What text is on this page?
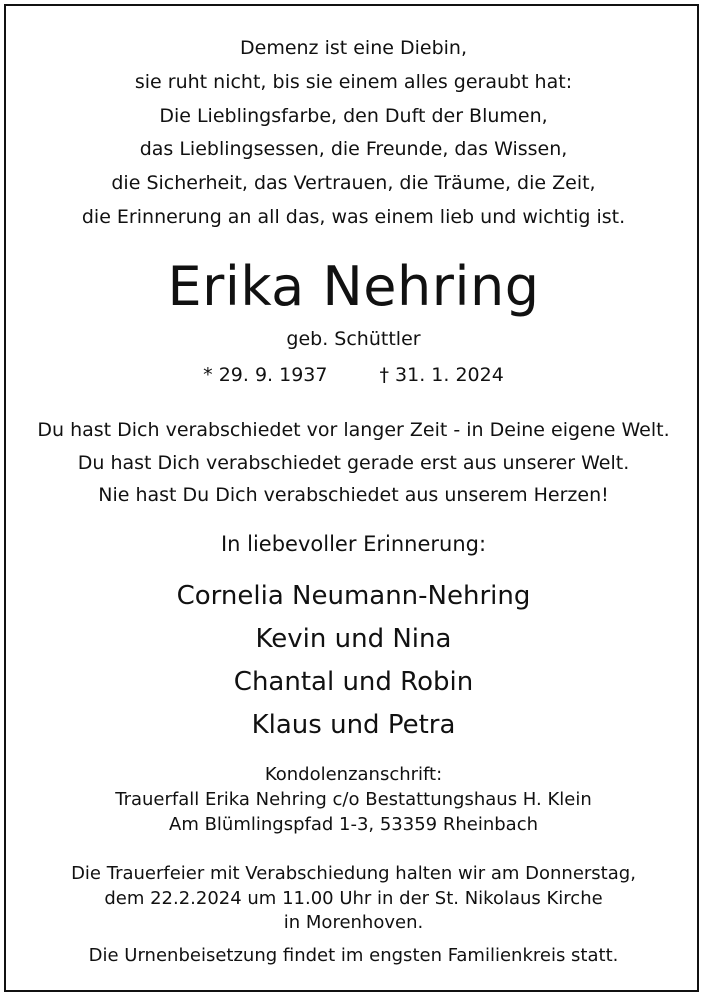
Demenz ist eine Diebin,
sie ruht nicht, bis sie einem alles geraubt hat:
Die Lieblingsfarbe, den Duft der Blumen,
das Lieblingsessen, die Freunde, das Wissen,
die Sicherheit, das Vertrauen, die Träume, die Zeit,
die Erinnerung an all das, was einem lieb und wichtig ist.
Erika Nehring
geb. Schüttler
* 29. 9. 1937	† 31. 1. 2024
Du hast Dich verabschiedet vor langer Zeit - in Deine eigene Welt.
Du hast Dich verabschiedet gerade erst aus unserer Welt.
Nie hast Du Dich verabschiedet aus unserem Herzen!
In liebevoller Erinnerung:
Cornelia Neumann-Nehring
Kevin und Nina
Chantal und Robin
Klaus und Petra
Kondolenzanschrift:
Trauerfall Erika Nehring c/o Bestattungshaus H. Klein
Am Blümlingspfad 1-3, 53359 Rheinbach
Die Trauerfeier mit Verabschiedung halten wir am Donnerstag,
dem 22.2.2024 um 11.00 Uhr in der St. Nikolaus Kirche
in Morenhoven.
Die Urnenbeisetzung findet im engsten Familienkreis statt.
